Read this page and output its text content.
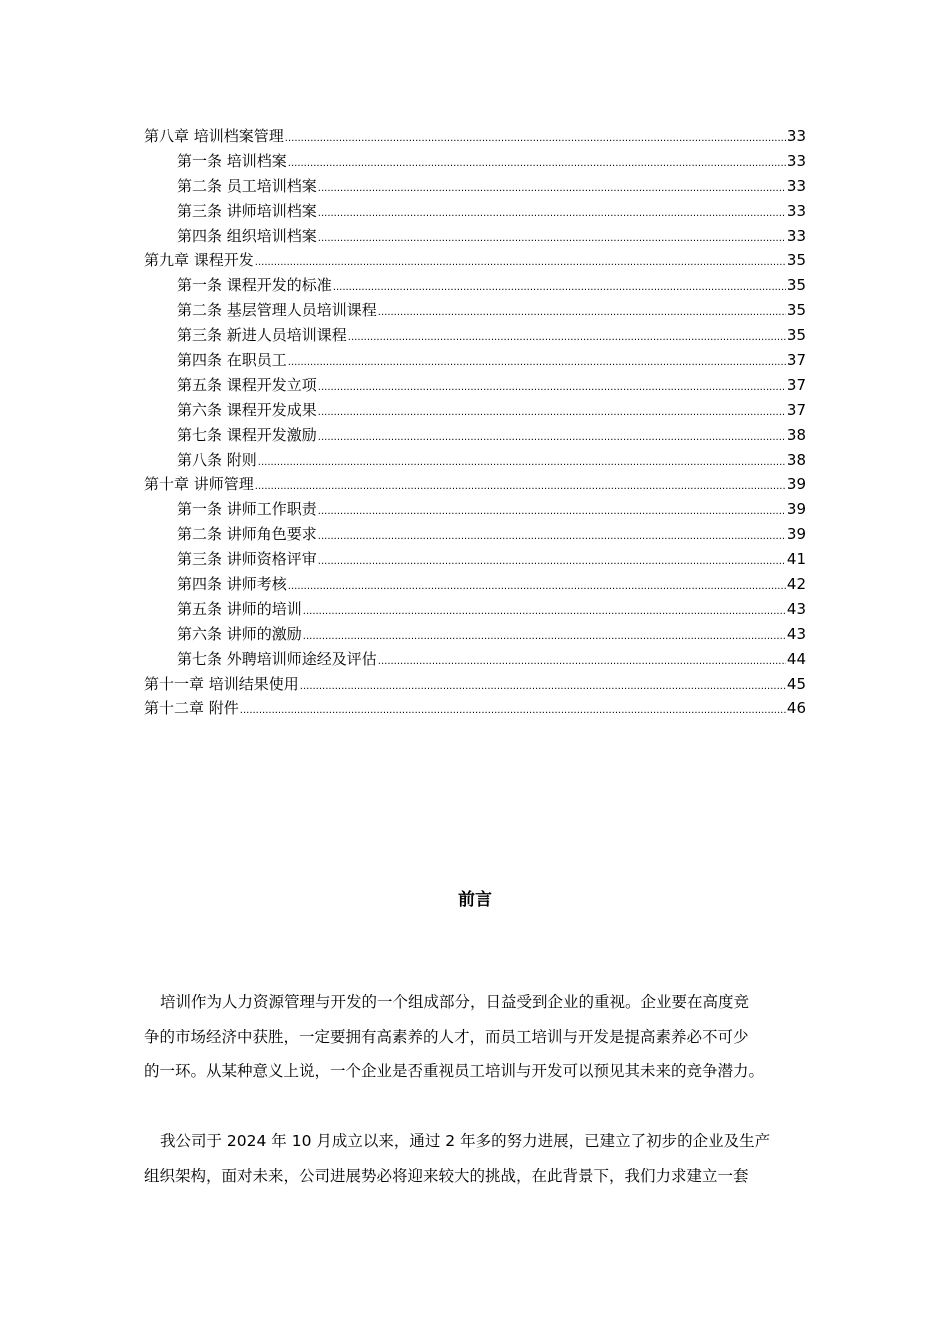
第八章 培训档案管理 .....	33
第一条 培训档案 .....	33
第二条 员工培训档案 .....	33
第三条 讲师培训档案 .....	33
第四条 组织培训档案 .....	33
第九章 课程开发 .....	35
第一条 课程开发的标准 .....	35
第二条 基层管理人员培训课程 .....	35
第三条 新进人员培训课程 .....	35
第四条 在职员工 .....	37
第五条 课程开发立项 .....	37
第六条 课程开发成果 .....	37
第七条 课程开发激励 .....	38
第八条 附则 .....	38
第十章 讲师管理 .....	39
第一条 讲师工作职责 .....	39
第二条 讲师角色要求 .....	39
第三条 讲师资格评审 .....	41
第四条 讲师考核 .....	42
第五条 讲师的培训 .....	43
第六条 讲师的激励 .....	43
第七条 外聘培训师途经及评估 .....	44
第十一章 培训结果使用 .....	45
第十二章 附件 .....	46
前言
培训作为人力资源管理与开发的一个组成部分，日益受到企业的重视。企业要在高度竞
争的市场经济中获胜，一定要拥有高素养的人才，而员工培训与开发是提高素养必不可少
的一环。从某种意义上说，一个企业是否重视员工培训与开发可以预见其未来的竞争潜力。
我公司于 2024 年 10 月成立以来，通过 2 年多的努力进展，已建立了初步的企业及生产
组织架构，面对未来，公司进展势必将迎来较大的挑战，在此背景下，我们力求建立一套
